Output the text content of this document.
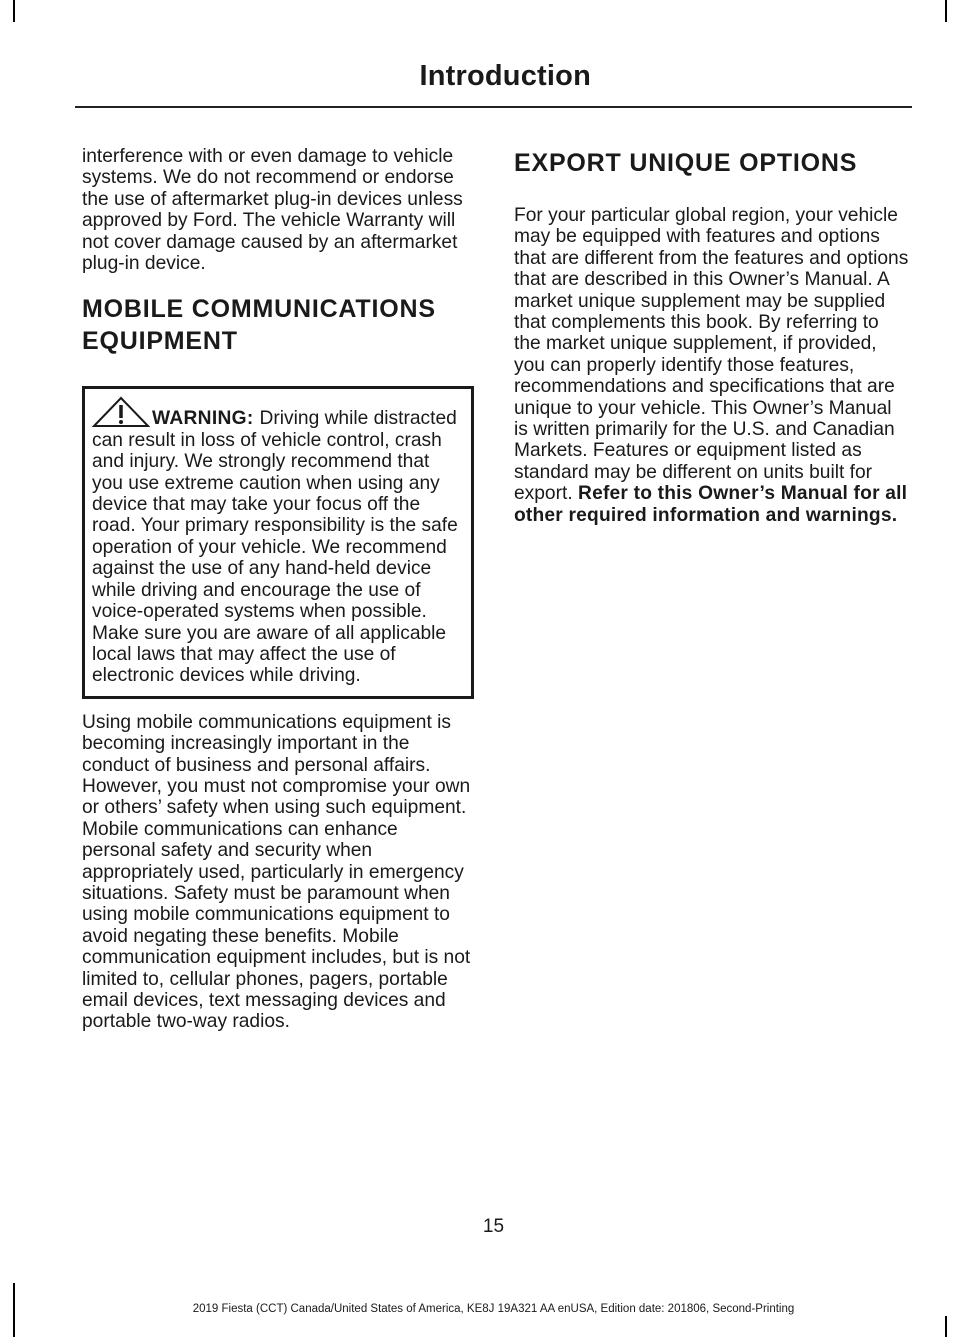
Introduction

interference with or even damage to vehicle systems. We do not recommend or endorse the use of aftermarket plug-in devices unless approved by Ford. The vehicle Warranty will not cover damage caused by an aftermarket plug-in device.

MOBILE COMMUNICATIONS
EQUIPMENT
WARNING: Driving while distracted can result in loss of vehicle control, crash and injury. We strongly recommend that you use extreme caution when using any device that may take your focus off the road. Your primary responsibility is the safe operation of your vehicle. We recommend against the use of any hand-held device while driving and encourage the use of voice-operated systems when possible. Make sure you are aware of all applicable local laws that may affect the use of electronic devices while driving.

Using mobile communications equipment is becoming increasingly important in the conduct of business and personal affairs. However, you must not compromise your own or others’ safety when using such equipment. Mobile communications can enhance personal safety and security when appropriately used, particularly in emergency situations. Safety must be paramount when using mobile communications equipment to avoid negating these benefits. Mobile communication equipment includes, but is not limited to, cellular phones, pagers, portable email devices, text messaging devices and portable two-way radios.

EXPORT UNIQUE OPTIONS

For your particular global region, your vehicle may be equipped with features and options that are different from the features and options that are described in this Owner’s Manual. A market unique supplement may be supplied that complements this book. By referring to the market unique supplement, if provided, you can properly identify those features, recommendations and specifications that are unique to your vehicle. This Owner’s Manual is written primarily for the U.S. and Canadian Markets. Features or equipment listed as standard may be different on units built for export. Refer to this Owner’s Manual for all other required information and warnings.

15
2019 Fiesta (CCT) Canada/United States of America, KE8J 19A321 AA enUSA, Edition date: 201806, Second-Printing
